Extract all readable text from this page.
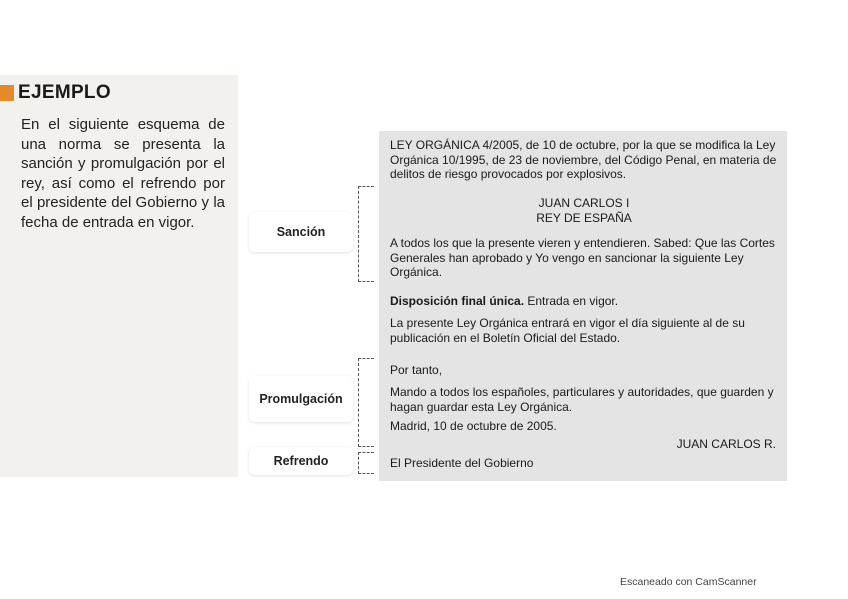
EJEMPLO
En el siguiente esquema de una norma se presenta la sanción y promulgación por el rey, así como el refrendo por el presidente del Gobierno y la fecha de entrada en vigor.
Sanción
Promulgación
Refrendo
LEY ORGÁNICA 4/2005, de 10 de octubre, por la que se modifica la Ley Orgánica 10/1995, de 23 de noviembre, del Código Penal, en materia de delitos de riesgo provocados por explosivos.
JUAN CARLOS I
REY DE ESPAÑA
A todos los que la presente vieren y entendieren. Sabed: Que las Cortes Generales han aprobado y Yo vengo en sancionar la siguiente Ley Orgánica.
Disposición final única. Entrada en vigor.
La presente Ley Orgánica entrará en vigor el día siguiente al de su publicación en el Boletín Oficial del Estado.
Por tanto,
Mando a todos los españoles, particulares y autoridades, que guarden y hagan guardar esta Ley Orgánica.
Madrid, 10 de octubre de 2005.
JUAN CARLOS R.
El Presidente del Gobierno
Escaneado con CamScanner
